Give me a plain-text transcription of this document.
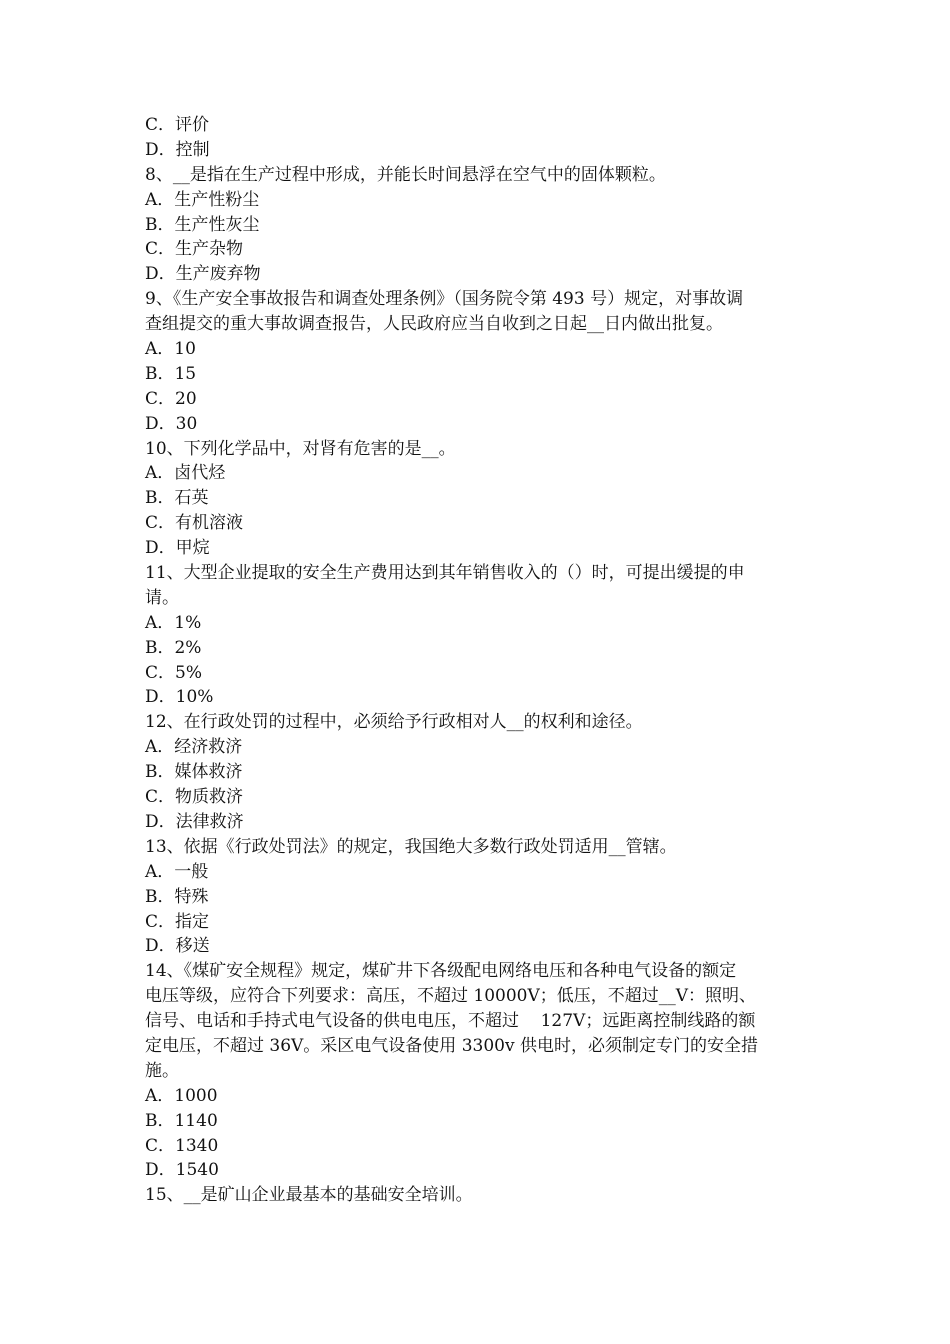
C．评价
D．控制
8、__是指在生产过程中形成，并能长时间悬浮在空气中的固体颗粒。
A．生产性粉尘
B．生产性灰尘
C．生产杂物
D．生产废弃物
9、《生产安全事故报告和调查处理条例》（国务院令第 493 号）规定，对事故调
查组提交的重大事故调查报告，人民政府应当自收到之日起__日内做出批复。
A．10
B．15
C．20
D．30
10、下列化学品中，对肾有危害的是__。
A．卤代烃
B．石英
C．有机溶液
D．甲烷
11、大型企业提取的安全生产费用达到其年销售收入的（）时，可提出缓提的申
请。
A．1%
B．2%
C．5%
D．10%
12、在行政处罚的过程中，必须给予行政相对人__的权利和途径。
A．经济救济
B．媒体救济
C．物质救济
D．法律救济
13、依据《行政处罚法》的规定，我国绝大多数行政处罚适用__管辖。
A．一般
B．特殊
C．指定
D．移送
14、《煤矿安全规程》规定，煤矿井下各级配电网络电压和各种电气设备的额定
电压等级，应符合下列要求：高压，不超过 10000V；低压，不超过__V：照明、
信号、电话和手持式电气设备的供电电压，不超过    127V；远距离控制线路的额
定电压，不超过 36V。采区电气设备使用 3300v 供电时，必须制定专门的安全措
施。
A．1000
B．1140
C．1340
D．1540
15、__是矿山企业最基本的基础安全培训。
